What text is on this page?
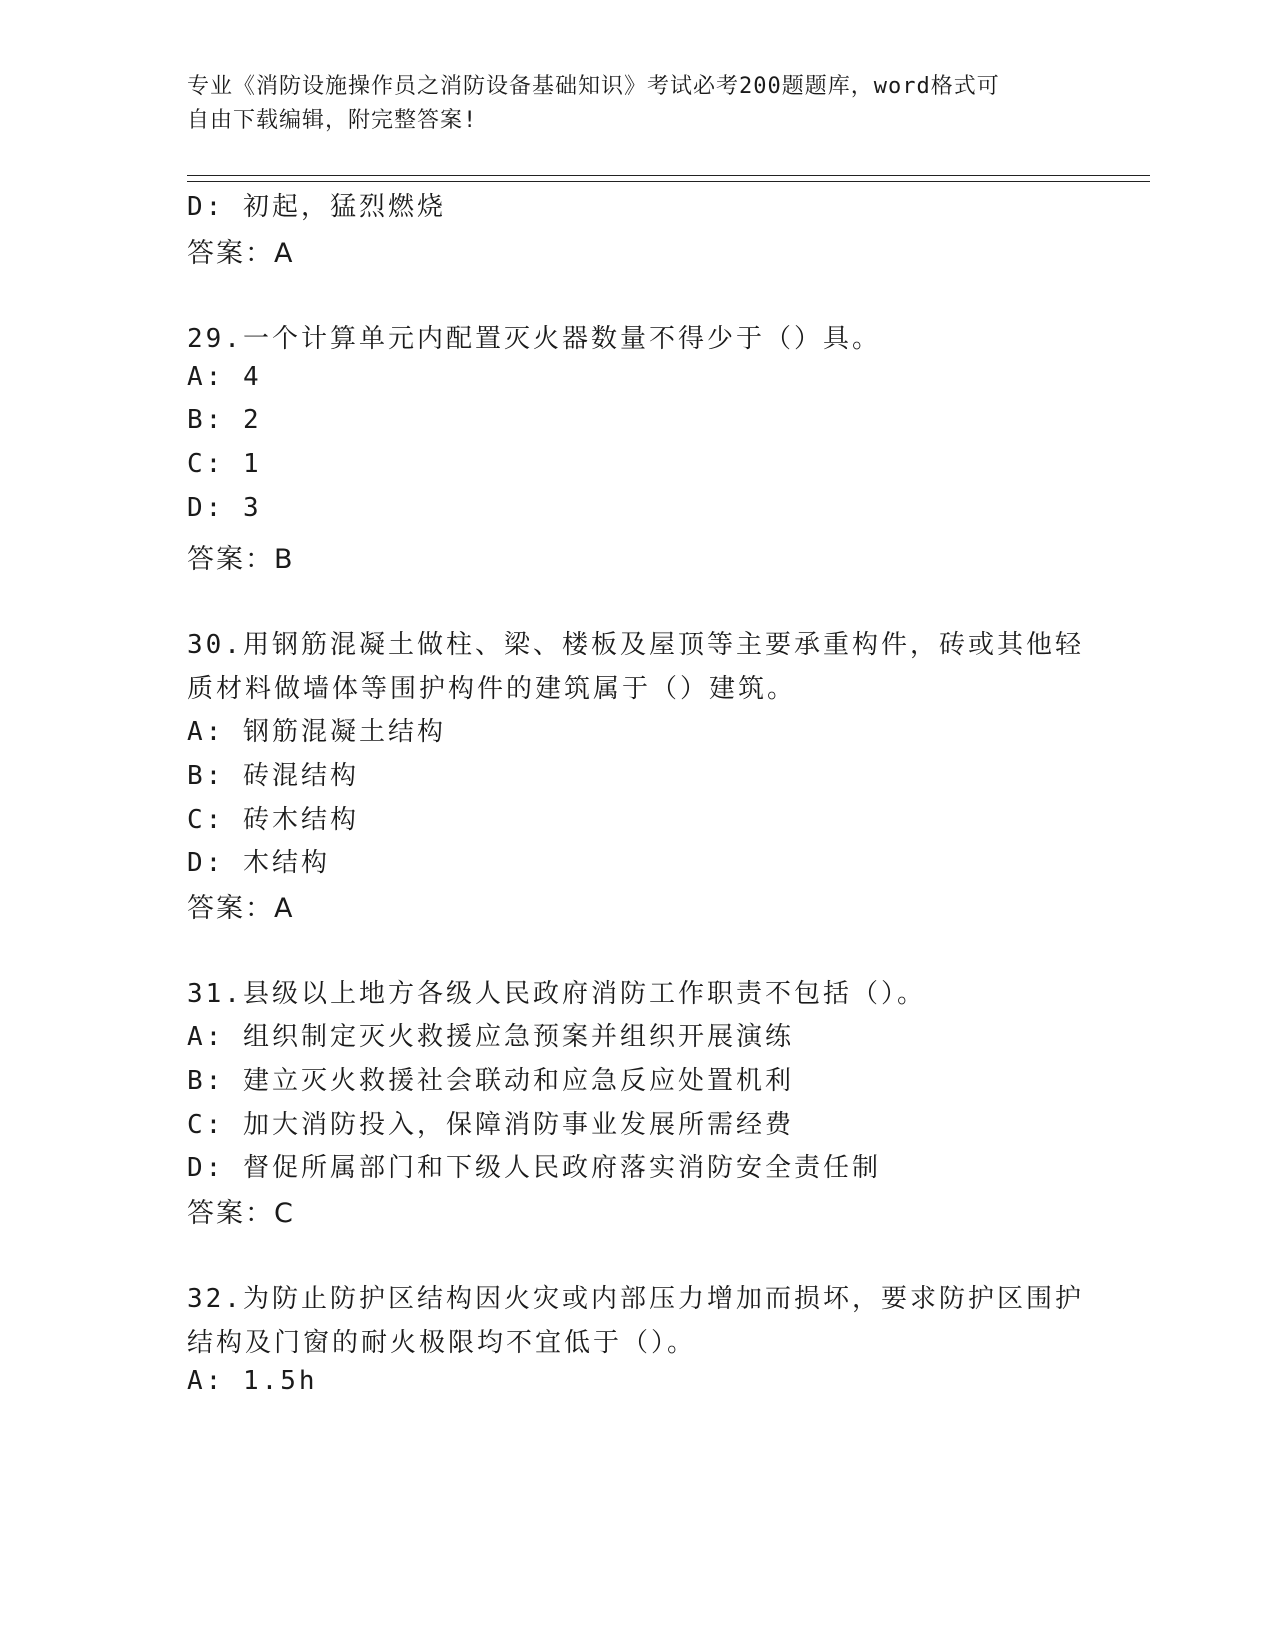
专业《消防设施操作员之消防设备基础知识》考试必考200题题库，word格式可
自由下载编辑，附完整答案!
D: 初起，猛烈燃烧
答案：A
29.一个计算单元内配置灭火器数量不得少于（）具。
A: 4
B: 2
C: 1
D: 3
答案：B
30.用钢筋混凝土做柱、梁、楼板及屋顶等主要承重构件，砖或其他轻
质材料做墙体等围护构件的建筑属于（）建筑。
A: 钢筋混凝土结构
B: 砖混结构
C: 砖木结构
D: 木结构
答案：A
31.县级以上地方各级人民政府消防工作职责不包括（）。
A: 组织制定灭火救援应急预案并组织开展演练
B: 建立灭火救援社会联动和应急反应处置机利
C: 加大消防投入，保障消防事业发展所需经费
D: 督促所属部门和下级人民政府落实消防安全责任制
答案：C
32.为防止防护区结构因火灾或内部压力增加而损坏，要求防护区围护
结构及门窗的耐火极限均不宜低于（）。
A: 1.5h
